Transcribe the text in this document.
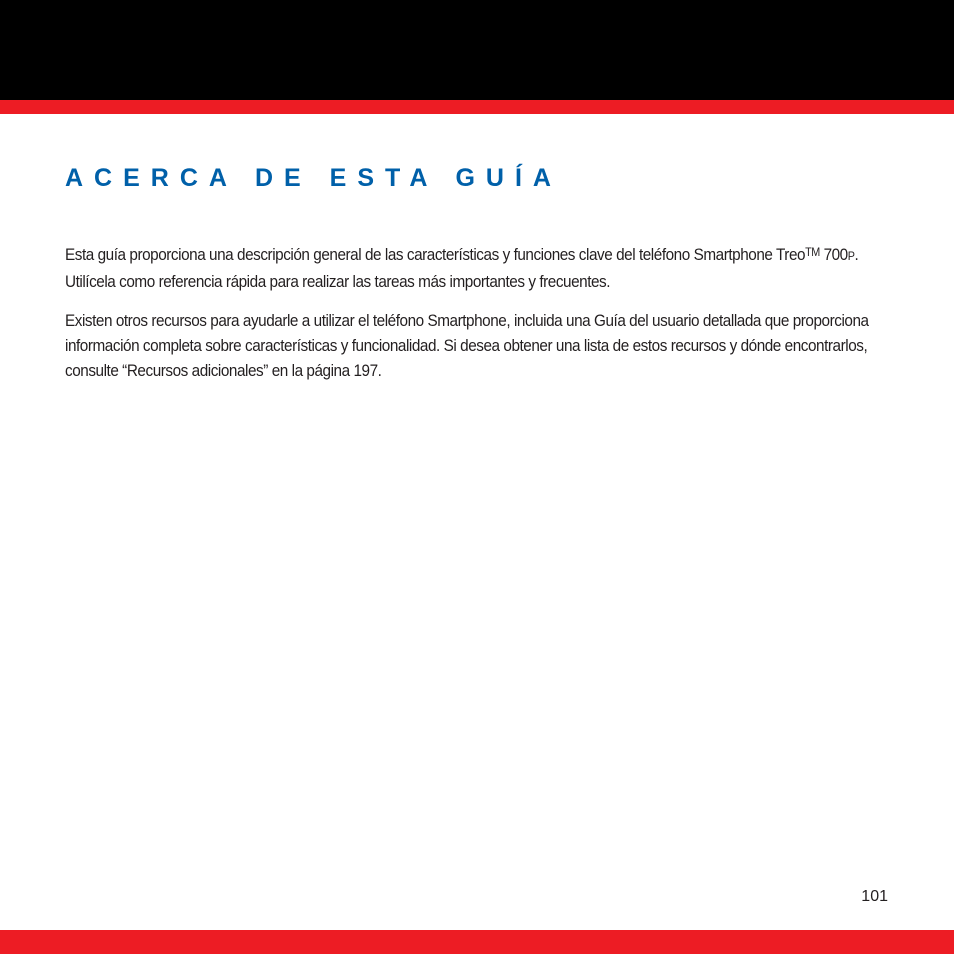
ACERCA DE ESTA GUÍA

Esta guía proporciona una descripción general de las características y funciones clave del teléfono Smartphone Treo™ 700P. Utilícela como referencia rápida para realizar las tareas más importantes y frecuentes.

Existen otros recursos para ayudarle a utilizar el teléfono Smartphone, incluida una Guía del usuario detallada que proporciona información completa sobre características y funcionalidad. Si desea obtener una lista de estos recursos y dónde encontrarlos, consulte “Recursos adicionales” en la página 197.

101
